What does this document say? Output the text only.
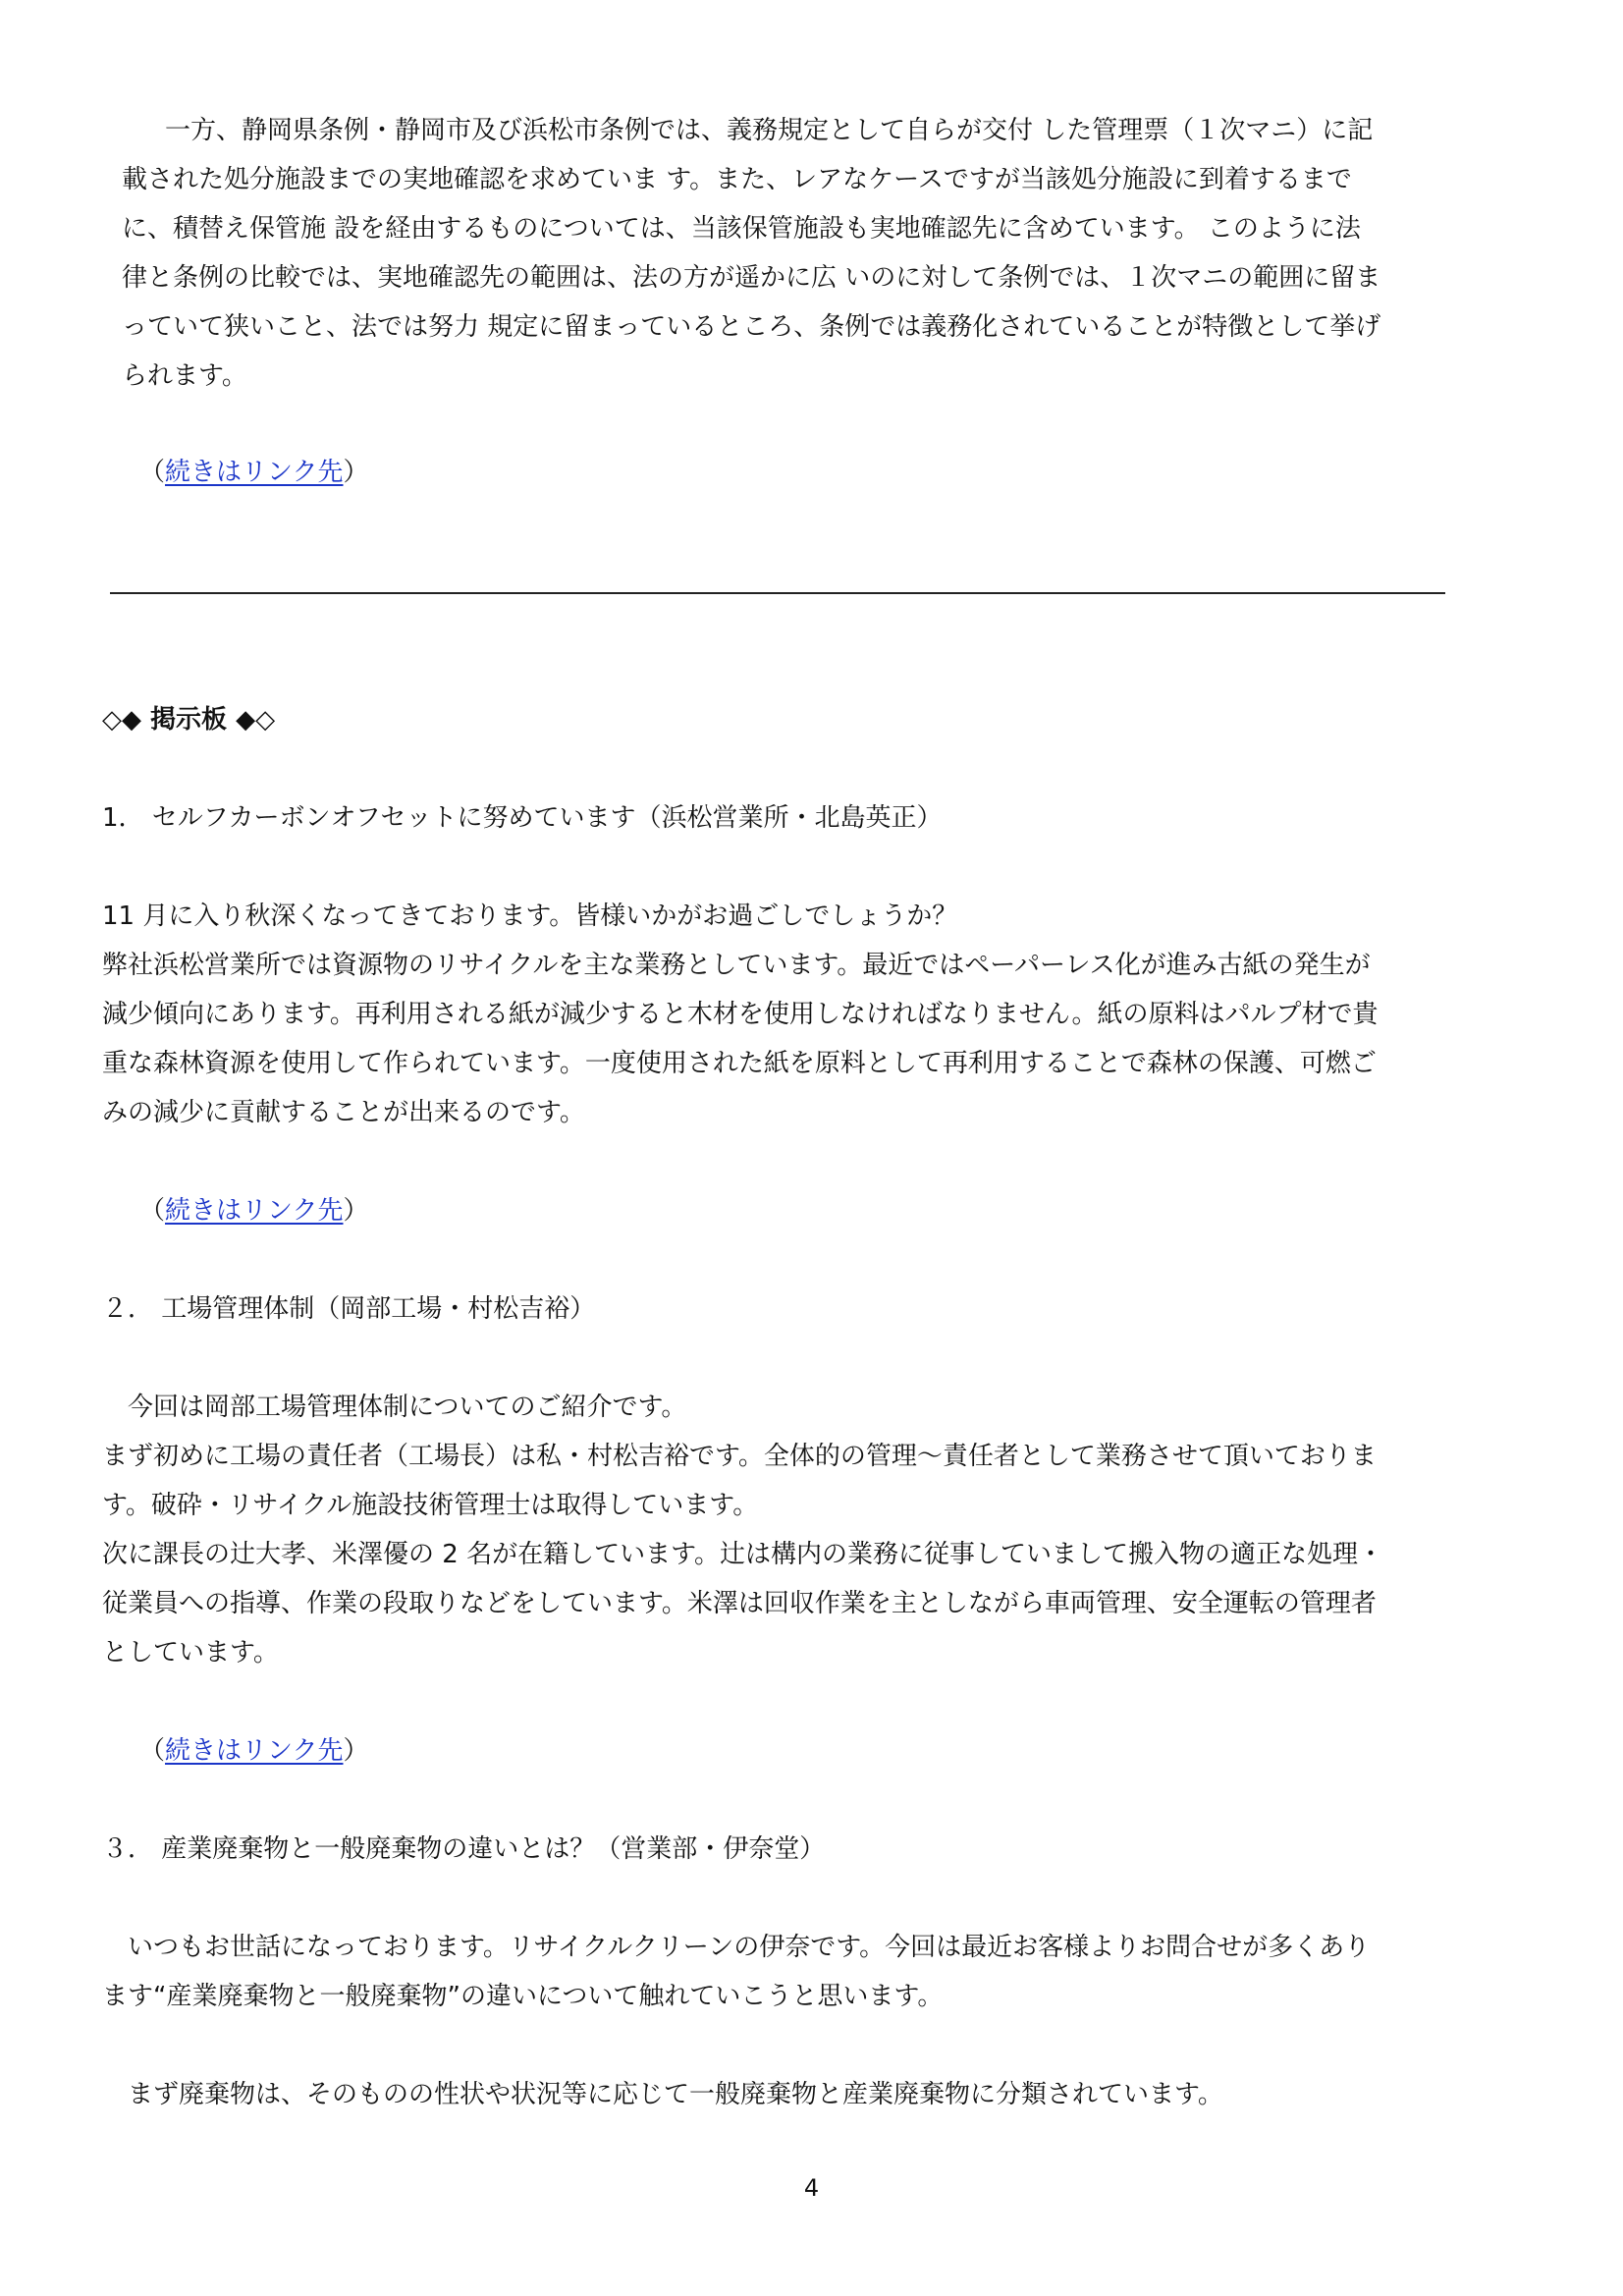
一方、静岡県条例・静岡市及び浜松市条例では、義務規定として自らが交付 した管理票（１次マニ）に記
載された処分施設までの実地確認を求めていま す。また、レアなケースですが当該処分施設に到着するまで
に、積替え保管施 設を経由するものについては、当該保管施設も実地確認先に含めています。 このように法
律と条例の比較では、実地確認先の範囲は、法の方が遥かに広 いのに対して条例では、１次マニの範囲に留ま
っていて狭いこと、法では努力 規定に留まっているところ、条例では義務化されていることが特徴として挙げ
られます。
（続きはリンク先）
◇◆ 掲示板 ◆◇
1． セルフカーボンオフセットに努めています（浜松営業所・北島英正）
11 月に入り秋深くなってきております。皆様いかがお過ごしでしょうか？
弊社浜松営業所では資源物のリサイクルを主な業務としています。最近ではペーパーレス化が進み古紙の発生が
減少傾向にあります。再利用される紙が減少すると木材を使用しなければなりません。紙の原料はパルプ材で貴
重な森林資源を使用して作られています。一度使用された紙を原料として再利用することで森林の保護、可燃ご
みの減少に貢献することが出来るのです。
（続きはリンク先）
２． 工場管理体制（岡部工場・村松吉裕）
　今回は岡部工場管理体制についてのご紹介です。
まず初めに工場の責任者（工場長）は私・村松吉裕です。全体的の管理～責任者として業務させて頂いておりま
す。破砕・リサイクル施設技術管理士は取得しています。
次に課長の辻大孝、米澤優の 2 名が在籍しています。辻は構内の業務に従事していまして搬入物の適正な処理・
従業員への指導、作業の段取りなどをしています。米澤は回収作業を主としながら車両管理、安全運転の管理者
としています。
（続きはリンク先）
３． 産業廃棄物と一般廃棄物の違いとは？（営業部・伊奈堂）
　いつもお世話になっております。リサイクルクリーンの伊奈です。今回は最近お客様よりお問合せが多くあり
ます“産業廃棄物と一般廃棄物”の違いについて触れていこうと思います。
　まず廃棄物は、そのものの性状や状況等に応じて一般廃棄物と産業廃棄物に分類されています。
4
